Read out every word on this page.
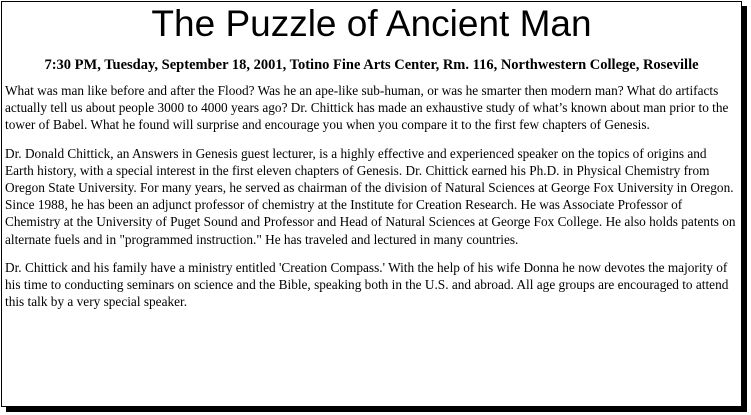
The Puzzle of Ancient Man
7:30 PM, Tuesday, September 18, 2001, Totino Fine Arts Center, Rm. 116, Northwestern College, Roseville

What was man like before and after the Flood? Was he an ape-like sub-human, or was he smarter then modern man? What do artifacts actually tell us about people 3000 to 4000 years ago? Dr. Chittick has made an exhaustive study of what’s known about man prior to the tower of Babel. What he found will surprise and encourage you when you compare it to the first few chapters of Genesis.

Dr. Donald Chittick, an Answers in Genesis guest lecturer, is a highly effective and experienced speaker on the topics of origins and Earth history, with a special interest in the first eleven chapters of Genesis. Dr. Chittick earned his Ph.D. in Physical Chemistry from Oregon State University. For many years, he served as chairman of the division of Natural Sciences at George Fox University in Oregon. Since 1988, he has been an adjunct professor of chemistry at the Institute for Creation Research. He was Associate Professor of Chemistry at the University of Puget Sound and Professor and Head of Natural Sciences at George Fox College. He also holds patents on alternate fuels and in "programmed instruction." He has traveled and lectured in many countries.

Dr. Chittick and his family have a ministry entitled 'Creation Compass.' With the help of his wife Donna he now devotes the majority of his time to conducting seminars on science and the Bible, speaking both in the U.S. and abroad. All age groups are encouraged to attend this talk by a very special speaker.
